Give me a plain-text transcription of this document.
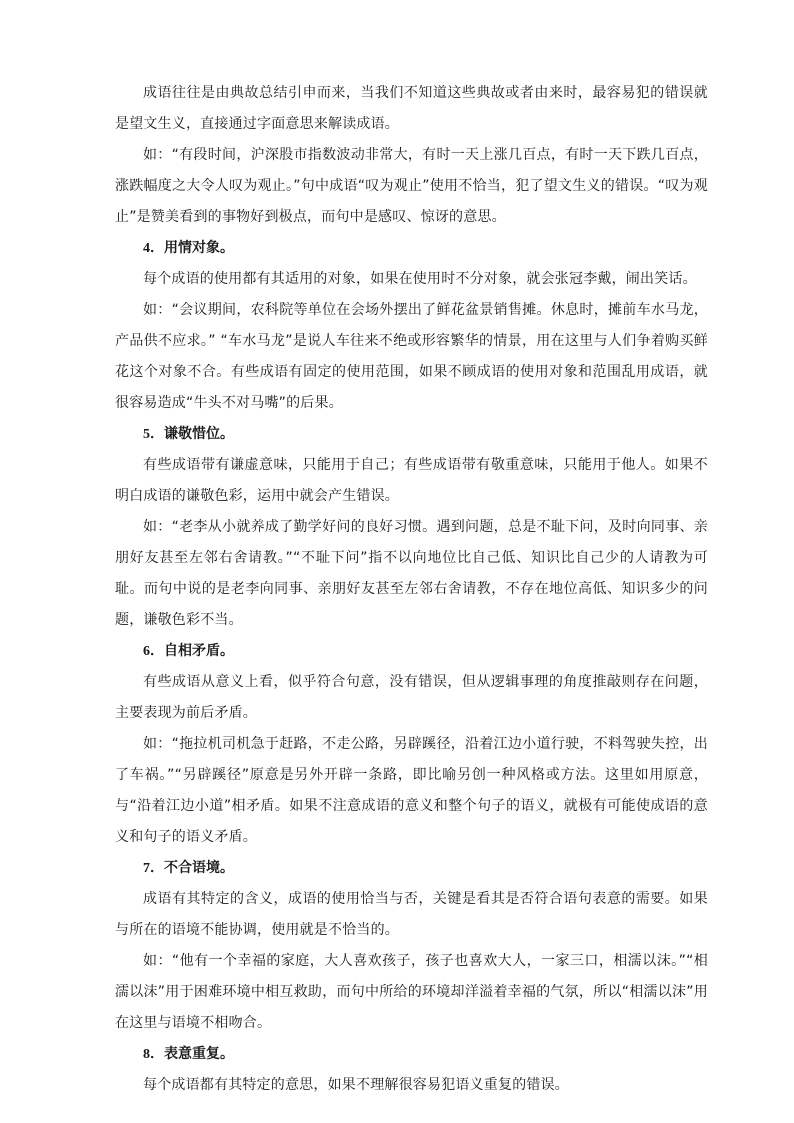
成语往往是由典故总结引申而来，当我们不知道这些典故或者由来时，最容易犯的错误就是望文生义，直接通过字面意思来解读成语。

如：“有段时间，沪深股市指数波动非常大，有时一天上涨几百点，有时一天下跌几百点，涨跌幅度之大令人叹为观止。”句中成语“叹为观止”使用不恰当，犯了望文生义的错误。“叹为观止”是赞美看到的事物好到极点，而句中是感叹、惊讶的意思。

4．用情对象。

每个成语的使用都有其适用的对象，如果在使用时不分对象，就会张冠李戴，闹出笑话。

如：“会议期间，农科院等单位在会场外摆出了鲜花盆景销售摊。休息时，摊前车水马龙，产品供不应求。” “车水马龙”是说人车往来不绝或形容繁华的情景，用在这里与人们争着购买鲜花这个对象不合。有些成语有固定的使用范围，如果不顾成语的使用对象和范围乱用成语，就很容易造成“牛头不对马嘴”的后果。

5．谦敬惜位。

有些成语带有谦虚意味，只能用于自己；有些成语带有敬重意味，只能用于他人。如果不明白成语的谦敬色彩，运用中就会产生错误。

如：“老李从小就养成了勤学好问的良好习惯。遇到问题，总是不耻下问，及时向同事、亲朋好友甚至左邻右舍请教。”“不耻下问”指不以向地位比自己低、知识比自己少的人请教为可耻。而句中说的是老李向同事、亲朋好友甚至左邻右舍请教，不存在地位高低、知识多少的问题，谦敬色彩不当。

6．自相矛盾。

有些成语从意义上看，似乎符合句意，没有错误，但从逻辑事理的角度推敲则存在问题，主要表现为前后矛盾。

如：“拖拉机司机急于赶路，不走公路，另辟蹊径，沿着江边小道行驶，不料驾驶失控，出了车祸。”“另辟蹊径”原意是另外开辟一条路，即比喻另创一种风格或方法。这里如用原意，与“沿着江边小道”相矛盾。如果不注意成语的意义和整个句子的语义，就极有可能使成语的意义和句子的语义矛盾。

7．不合语境。

成语有其特定的含义，成语的使用恰当与否，关键是看其是否符合语句表意的需要。如果与所在的语境不能协调，使用就是不恰当的。

如：“他有一个幸福的家庭，大人喜欢孩子，孩子也喜欢大人，一家三口，相濡以沫。”“相濡以沫”用于困难环境中相互救助，而句中所给的环境却洋溢着幸福的气氛，所以“相濡以沫”用在这里与语境不相吻合。

8．表意重复。

每个成语都有其特定的意思，如果不理解很容易犯语义重复的错误。
